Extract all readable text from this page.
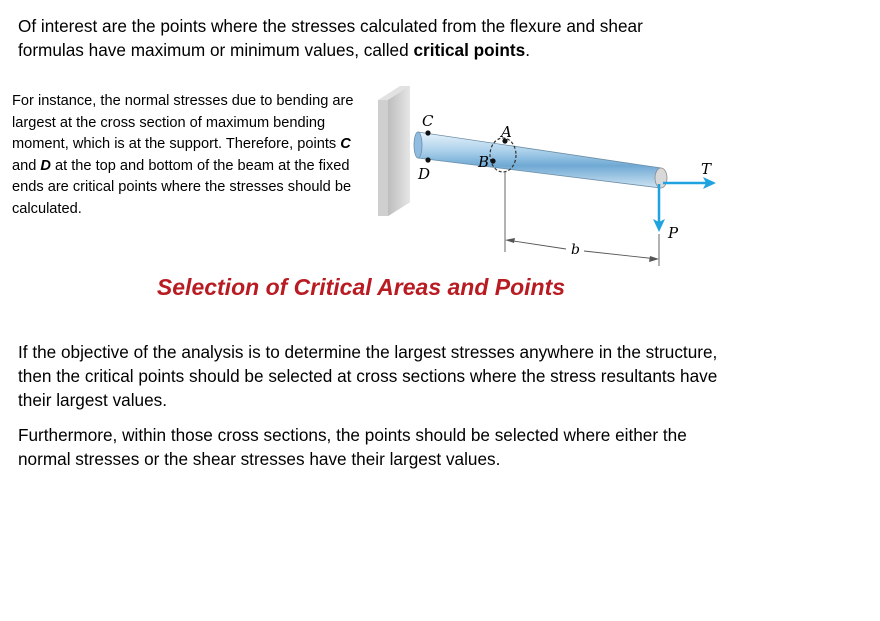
Of interest are the points where the stresses calculated from the flexure and shear formulas have maximum or minimum values, called critical points.

For instance, the normal stresses due to bending are largest at the cross section of maximum bending moment, which is at the support. Therefore, points C and D at the top and bottom of the beam at the fixed ends are critical points where the stresses should be calculated.

C
D
A
B	T
P
b
Selection of Critical Areas and Points

If the objective of the analysis is to determine the largest stresses anywhere in the structure, then the critical points should be selected at cross sections where the stress resultants have their largest values.

Furthermore, within those cross sections, the points should be selected where either the normal stresses or the shear stresses have their largest values.
